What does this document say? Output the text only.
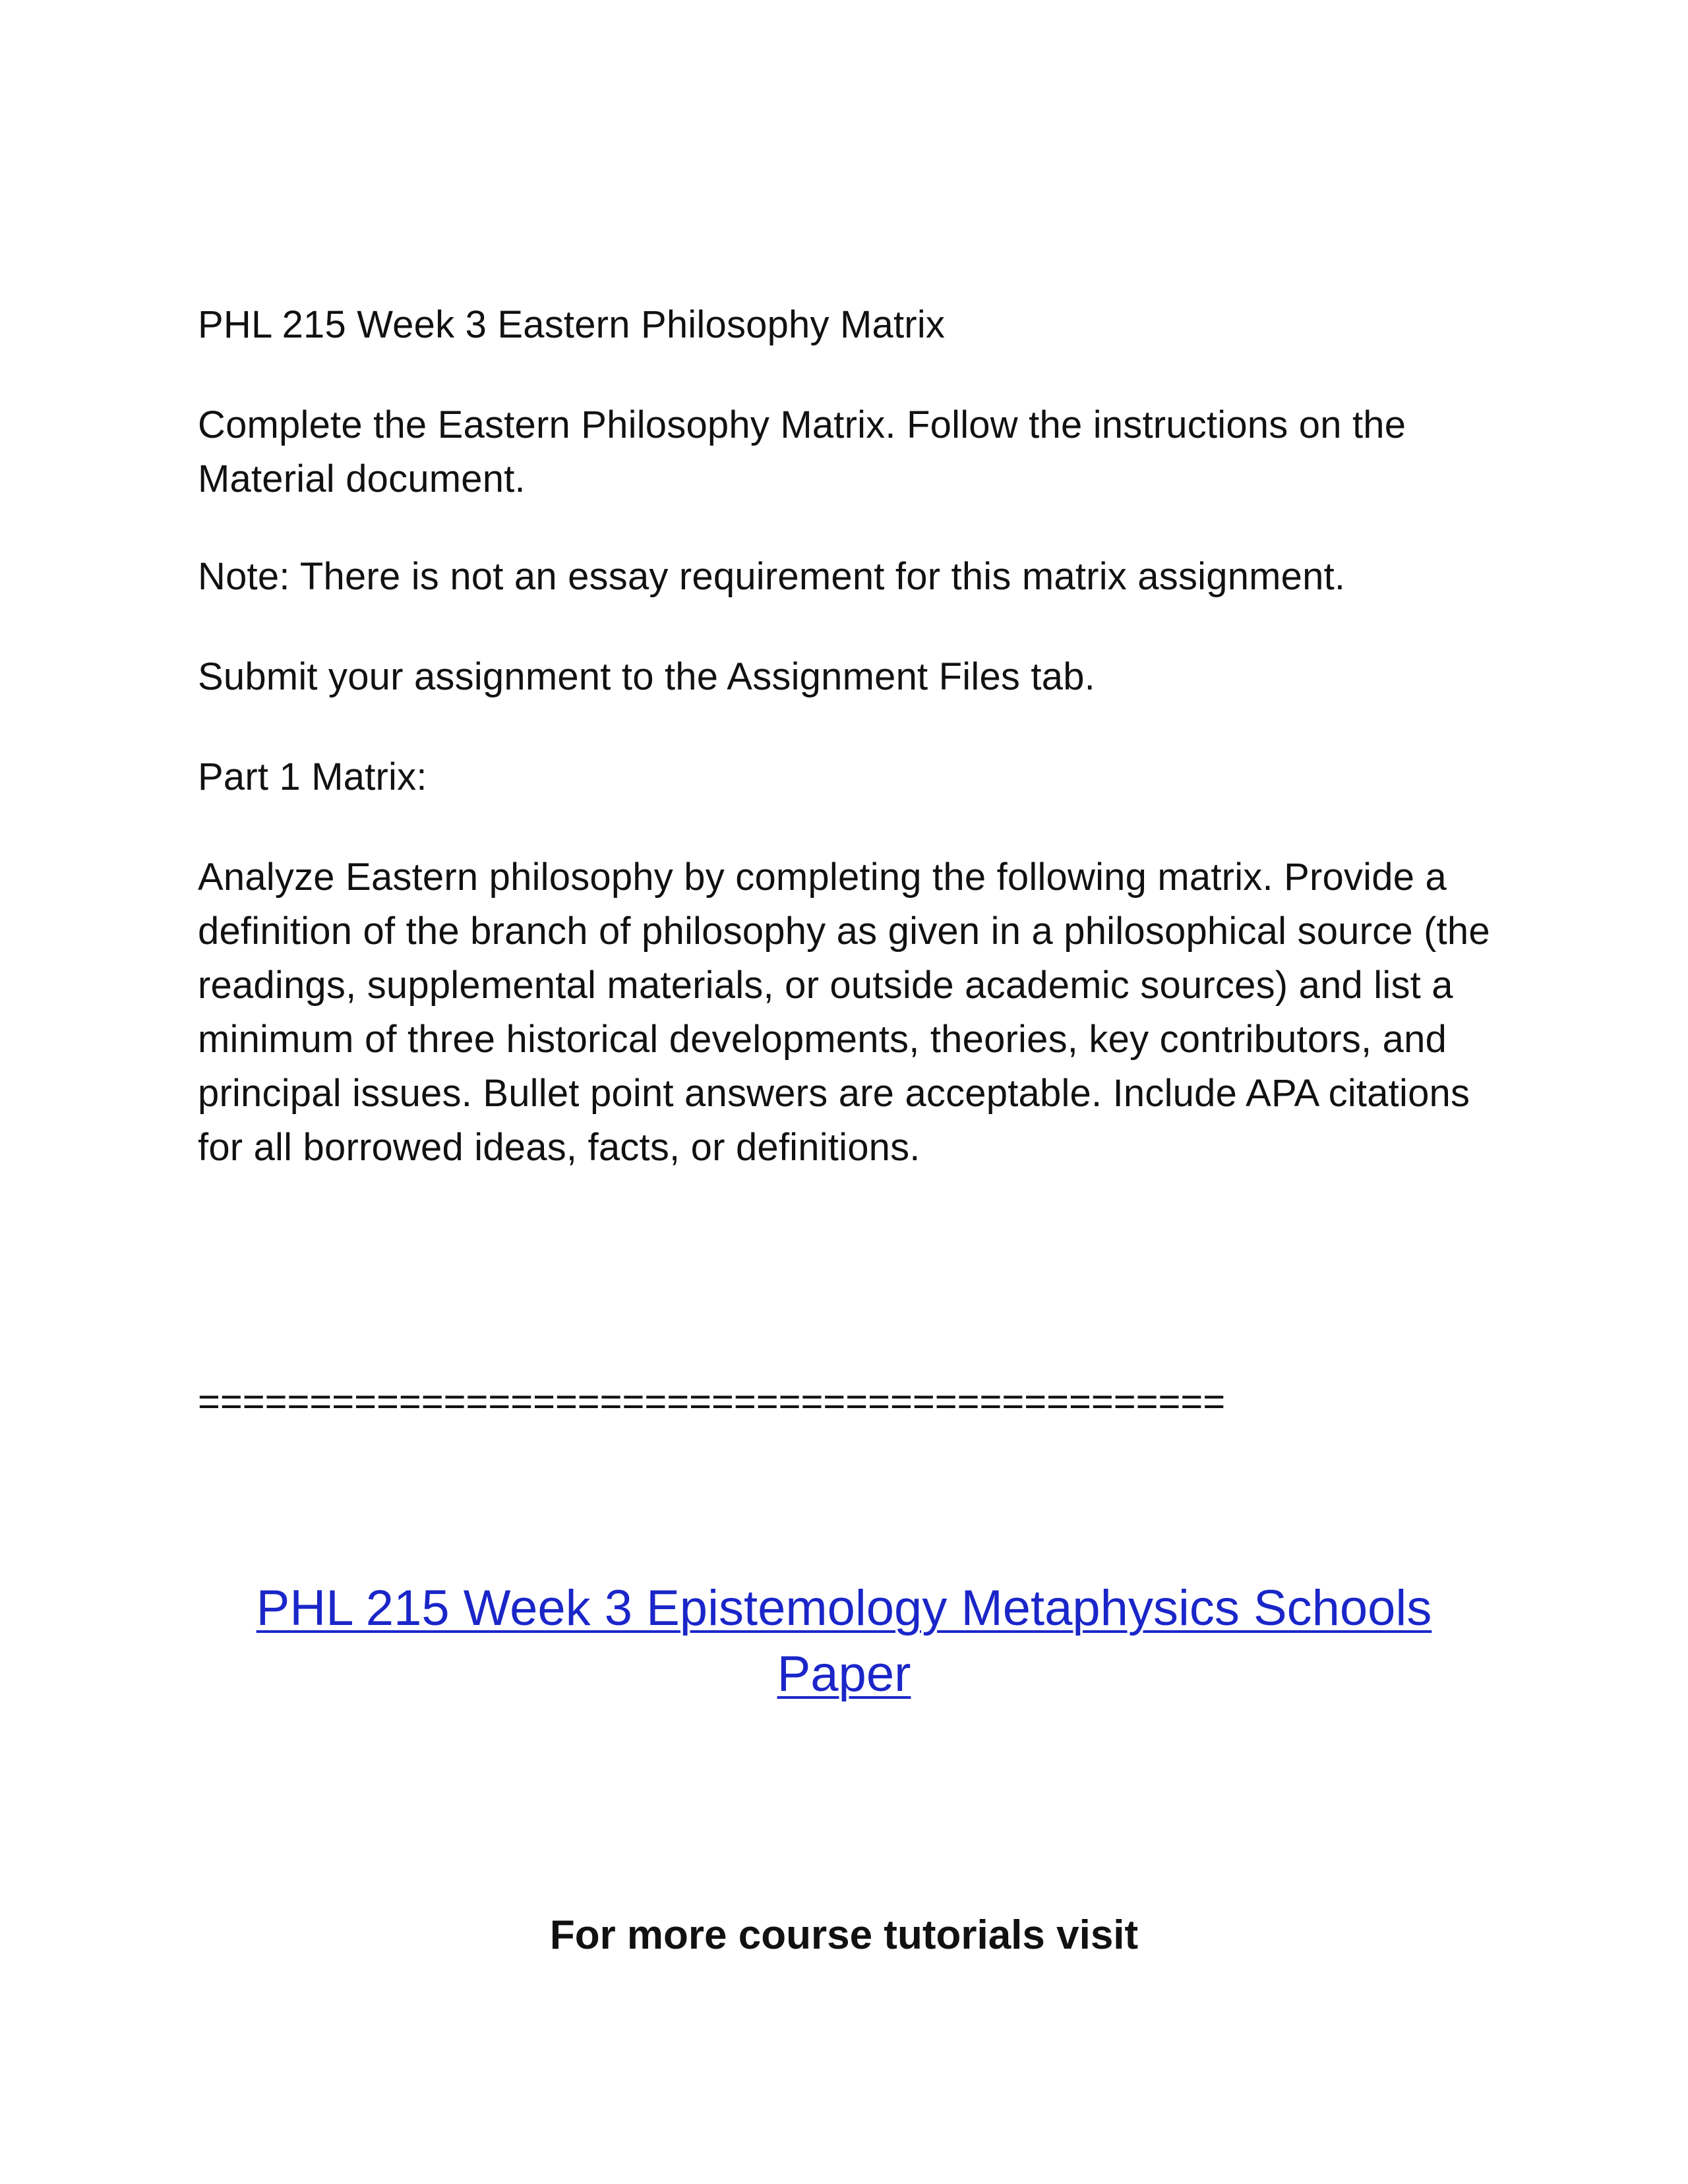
PHL 215 Week 3 Eastern Philosophy Matrix

Complete the Eastern Philosophy Matrix. Follow the instructions on the Material document.

Note: There is not an essay requirement for this matrix assignment.

Submit your assignment to the Assignment Files tab.

Part 1 Matrix:

Analyze Eastern philosophy by completing the following matrix. Provide a definition of the branch of philosophy as given in a philosophical source (the readings, supplemental materials, or outside academic sources) and list a minimum of three historical developments, theories, key contributors, and principal issues. Bullet point answers are acceptable. Include APA citations for all borrowed ideas, facts, or definitions.

==============================================

PHL 215 Week 3 Epistemology Metaphysics Schools Paper

For more course tutorials visit
